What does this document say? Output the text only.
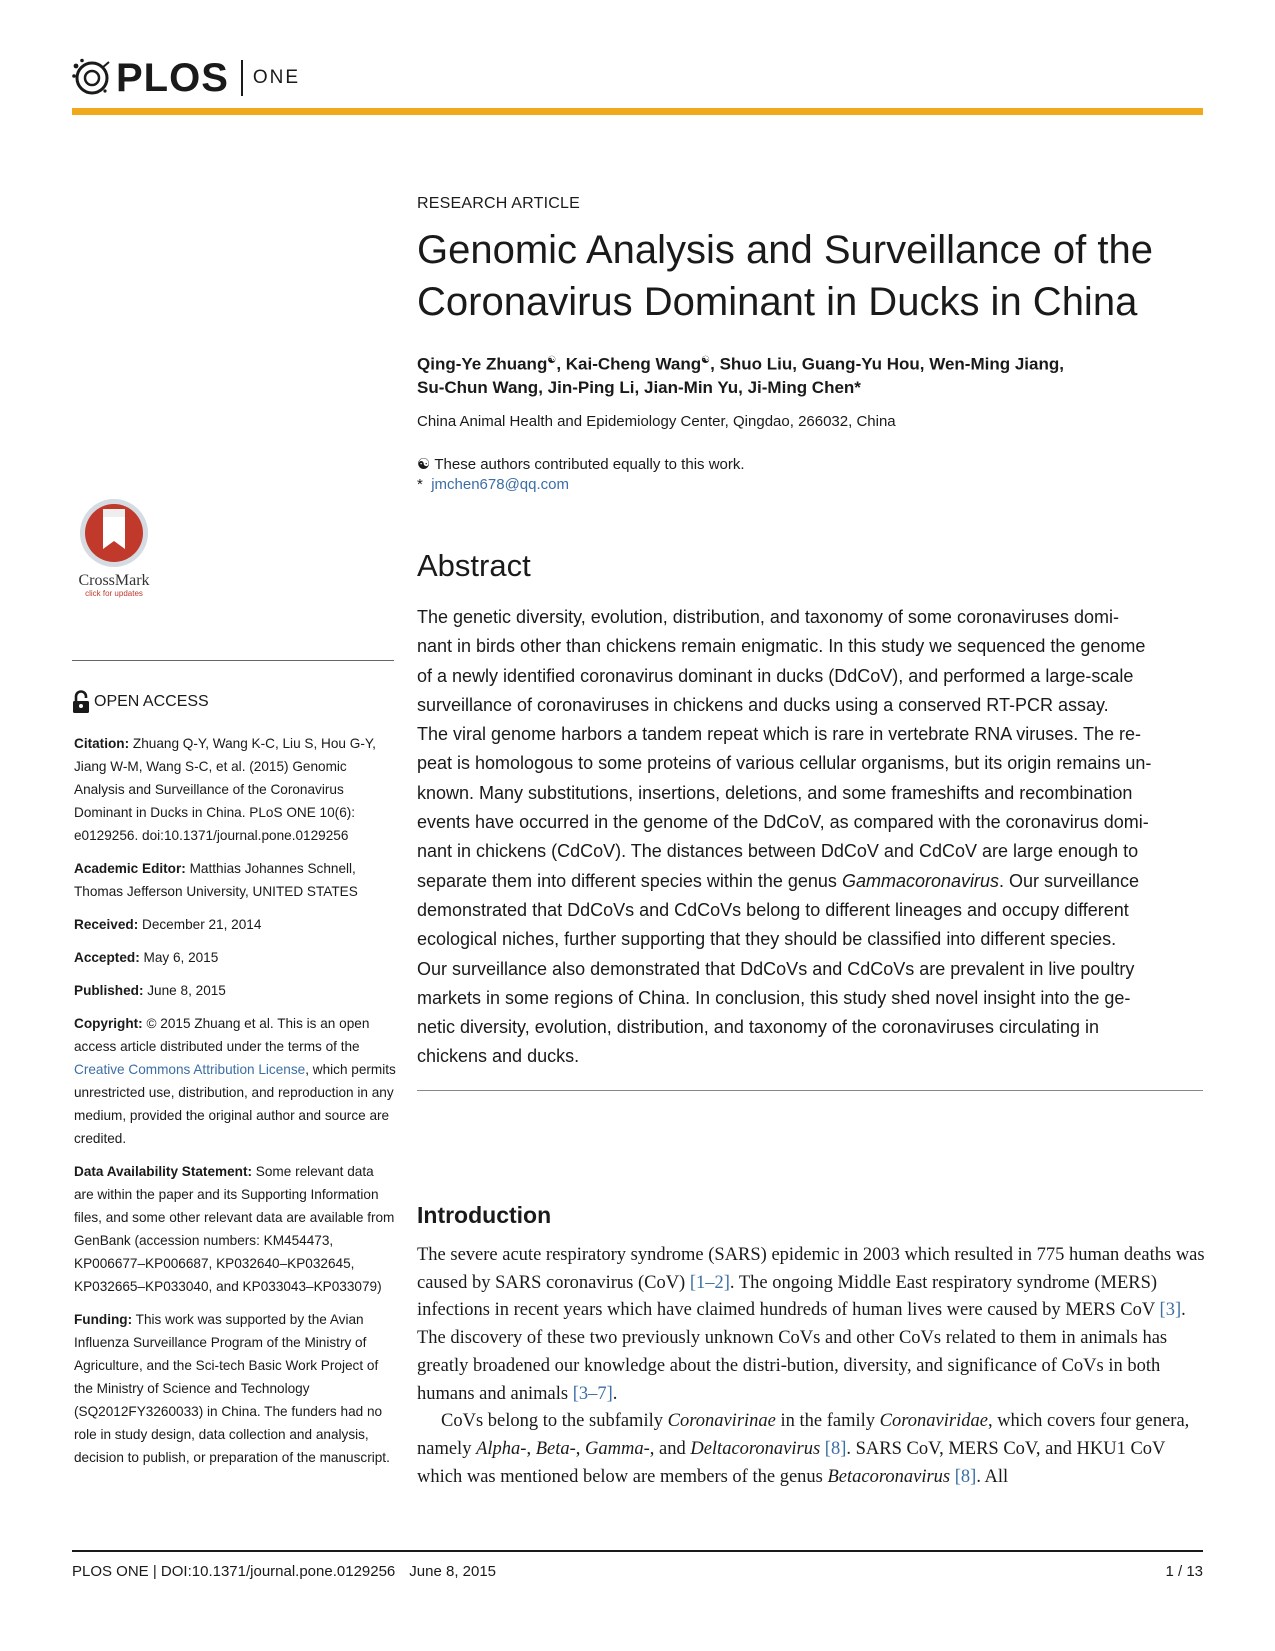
PLOS ONE
RESEARCH ARTICLE
Genomic Analysis and Surveillance of the Coronavirus Dominant in Ducks in China
Qing-Ye Zhuang☯, Kai-Cheng Wang☯, Shuo Liu, Guang-Yu Hou, Wen-Ming Jiang,
Su-Chun Wang, Jin-Ping Li, Jian-Min Yu, Ji-Ming Chen*
China Animal Health and Epidemiology Center, Qingdao, 266032, China
☯ These authors contributed equally to this work.
* jmchen678@qq.com
CrossMark
click for updates
Abstract
The genetic diversity, evolution, distribution, and taxonomy of some coronaviruses domi-
nant in birds other than chickens remain enigmatic. In this study we sequenced the genome
of a newly identified coronavirus dominant in ducks (DdCoV), and performed a large-scale
surveillance of coronaviruses in chickens and ducks using a conserved RT-PCR assay.
The viral genome harbors a tandem repeat which is rare in vertebrate RNA viruses. The re-
peat is homologous to some proteins of various cellular organisms, but its origin remains un-
known. Many substitutions, insertions, deletions, and some frameshifts and recombination
events have occurred in the genome of the DdCoV, as compared with the coronavirus domi-
nant in chickens (CdCoV). The distances between DdCoV and CdCoV are large enough to
separate them into different species within the genus Gammacoronavirus. Our surveillance
demonstrated that DdCoVs and CdCoVs belong to different lineages and occupy different
ecological niches, further supporting that they should be classified into different species.
Our surveillance also demonstrated that DdCoVs and CdCoVs are prevalent in live poultry
markets in some regions of China. In conclusion, this study shed novel insight into the ge-
netic diversity, evolution, distribution, and taxonomy of the coronaviruses circulating in
chickens and ducks.
Introduction

The severe acute respiratory syndrome (SARS) epidemic in 2003 which resulted in 775 human deaths was caused by SARS coronavirus (CoV) [1–2]. The ongoing Middle East respiratory syndrome (MERS) infections in recent years which have claimed hundreds of human lives were caused by MERS CoV [3]. The discovery of these two previously unknown CoVs and other CoVs related to them in animals has greatly broadened our knowledge about the distri-bution, diversity, and significance of CoVs in both humans and animals [3–7].

CoVs belong to the subfamily Coronavirinae in the family Coronaviridae, which covers four genera, namely Alpha-, Beta-, Gamma-, and Deltacoronavirus [8]. SARS CoV, MERS CoV, and HKU1 CoV which was mentioned below are members of the genus Betacoronavirus [8]. All

OPEN ACCESS
Citation: Zhuang Q-Y, Wang K-C, Liu S, Hou G-Y, Jiang W-M, Wang S-C, et al. (2015) Genomic Analysis and Surveillance of the Coronavirus Dominant in Ducks in China. PLoS ONE 10(6): e0129256. doi:10.1371/journal.pone.0129256
Academic Editor: Matthias Johannes Schnell, Thomas Jefferson University, UNITED STATES
Received: December 21, 2014
Accepted: May 6, 2015
Published: June 8, 2015
Copyright: © 2015 Zhuang et al. This is an open access article distributed under the terms of the Creative Commons Attribution License, which permits unrestricted use, distribution, and reproduction in any medium, provided the original author and source are credited.
Data Availability Statement: Some relevant data are within the paper and its Supporting Information files, and some other relevant data are available from GenBank (accession numbers: KM454473, KP006677–KP006687, KP032640–KP032645, KP032665–KP033040, and KP033043–KP033079)
Funding: This work was supported by the Avian Influenza Surveillance Program of the Ministry of Agriculture, and the Sci-tech Basic Work Project of the Ministry of Science and Technology (SQ2012FY3260033) in China. The funders had no role in study design, data collection and analysis, decision to publish, or preparation of the manuscript.
PLOS ONE | DOI:10.1371/journal.pone.0129256 June 8, 2015	1 / 13
